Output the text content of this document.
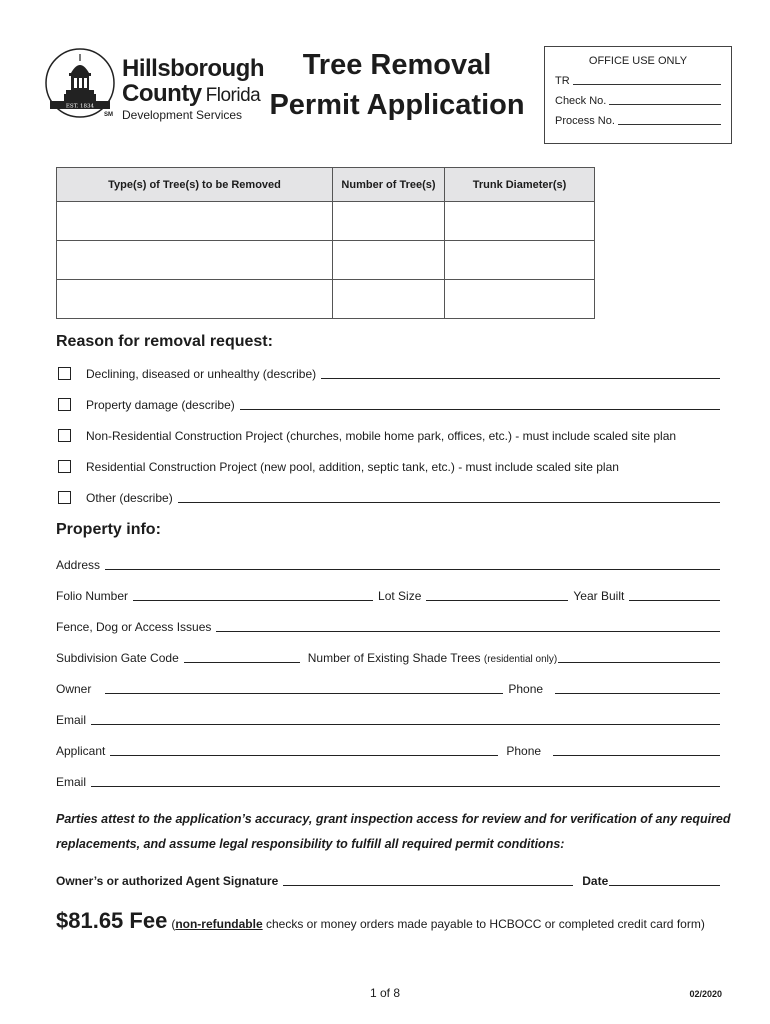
EST. 1834
Hillsborough
County Florida
Development Services
SM
Tree Removal
Permit Application
OFFICE USE ONLY
TR
Check No.
Process No.
Type(s) of Tree(s) to be Removed	Number of Tree(s)	Trunk Diameter(s)

Reason for removal request:
Declining, diseased or unhealthy (describe)
Property damage (describe)
Non-Residential Construction Project (churches, mobile home park, offices, etc.) - must include scaled site plan
Residential Construction Project (new pool, addition, septic tank, etc.) - must include scaled site plan
Other (describe)
Property info:
Address
Folio Number	Lot Size	Year Built
Fence, Dog or Access Issues
Subdivision Gate Code	Number of Existing Shade Trees (residential only)
Owner	Phone
Email
Applicant	Phone
Email
Parties attest to the application’s accuracy, grant inspection access for review and for verification of any required replacements, and assume legal responsibility to fulfill all required permit conditions:
Owner’s or authorized Agent Signature	Date
$81.65 Fee (non-refundable checks or money orders made payable to HCBOCC or completed credit card form)
1 of 8	02/2020
